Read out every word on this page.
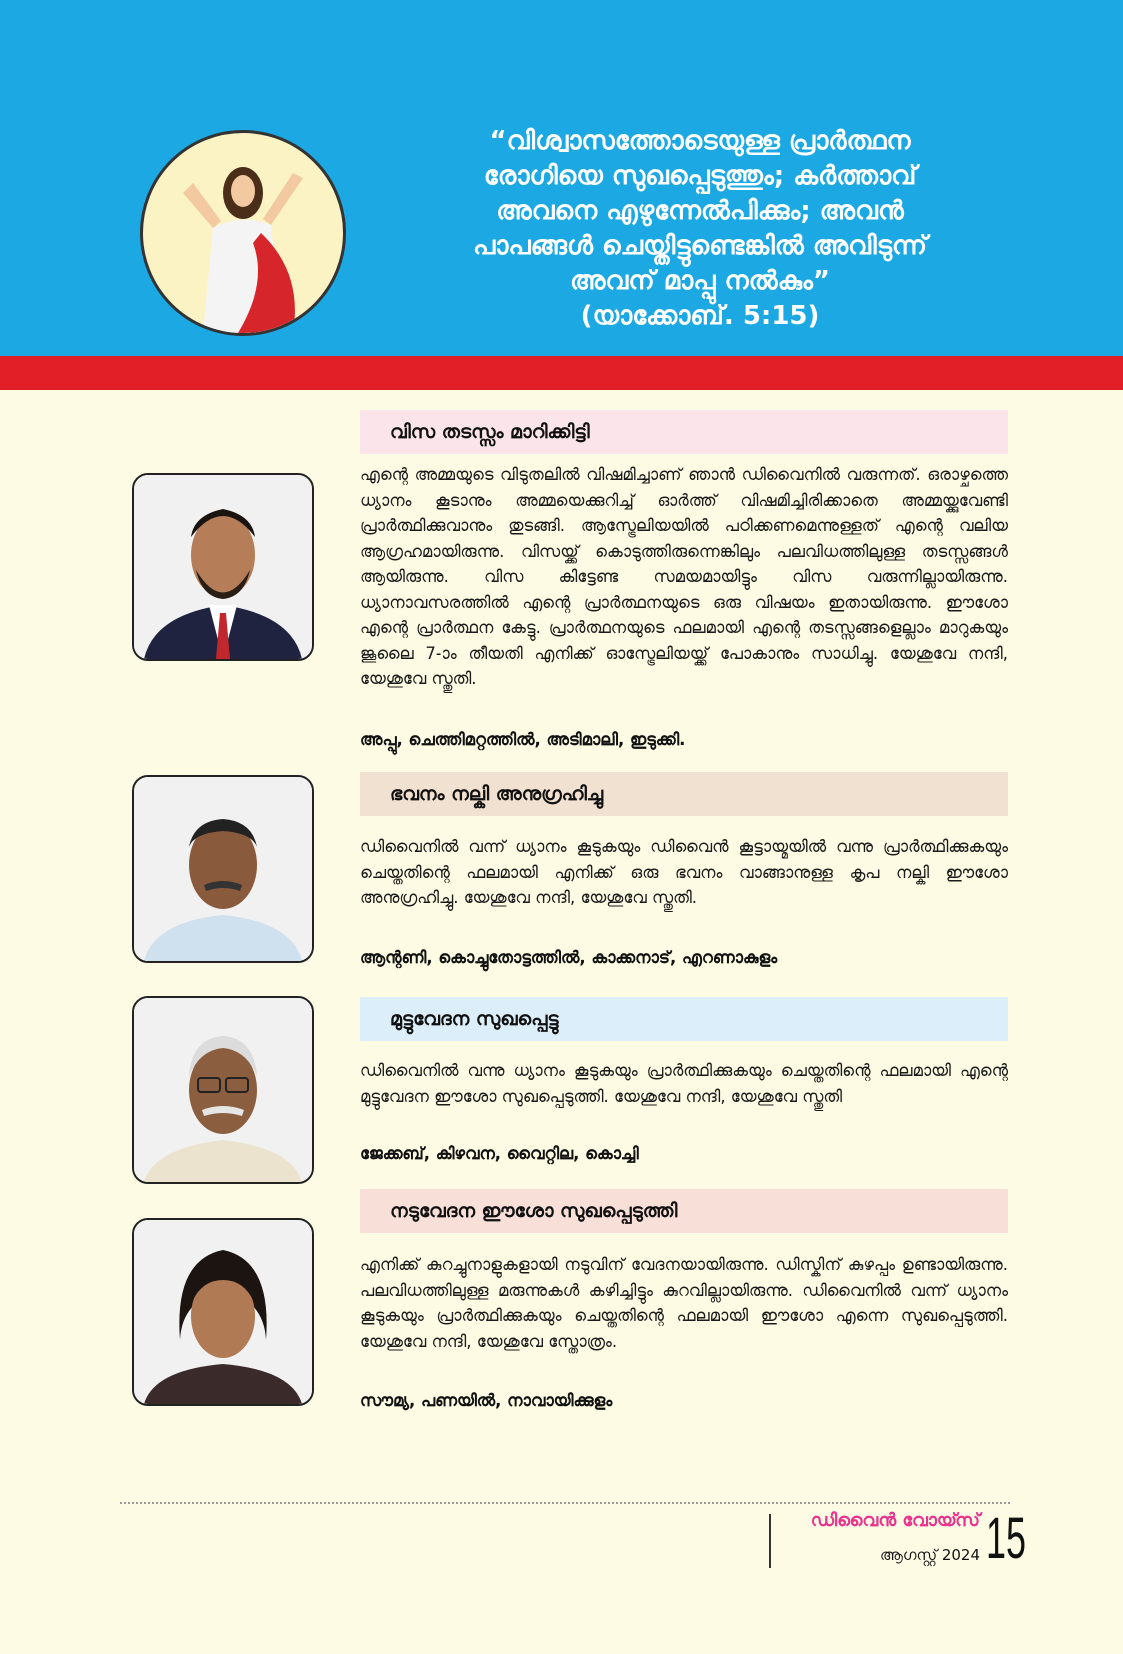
“വിശ്വാസത്തോടെയുള്ള പ്രാർത്ഥന
രോഗിയെ സുഖപ്പെടുത്തും; കർത്താവ്
അവനെ എഴുന്നേൽപിക്കും; അവൻ
പാപങ്ങൾ ചെയ്തിട്ടുണ്ടെങ്കിൽ അവിടുന്ന്
അവന് മാപ്പു നൽകും”
(യാക്കോബ്. 5:15)
വിസ തടസ്സം മാറിക്കിട്ടി
എന്റെ അമ്മയുടെ വിടുതലിൽ വിഷമിച്ചാണ് ഞാൻ ഡിവൈനിൽ വരുന്നത്. ഒരാഴ്ചത്തെ ധ്യാനം കൂടാനും അമ്മയെക്കുറിച്ച് ഓർത്ത് വിഷമിച്ചിരിക്കാതെ അമ്മയ്ക്കുവേണ്ടി പ്രാർത്ഥിക്കുവാനും തുടങ്ങി. ആസ്ട്രേലിയയിൽ പഠിക്കണമെന്നുള്ളത് എന്റെ വലിയ ആഗ്രഹമായിരുന്നു. വിസയ്ക്ക് കൊടുത്തിരുന്നെങ്കിലും പലവിധത്തിലുള്ള തടസ്സങ്ങൾ ആയിരുന്നു. വിസ കിട്ടേണ്ട സമയമായിട്ടും വിസ വരുന്നില്ലായിരുന്നു. ധ്യാനാവസരത്തിൽ എന്റെ പ്രാർത്ഥനയുടെ ഒരു വിഷയം ഇതായിരുന്നു. ഈശോ എന്റെ പ്രാർത്ഥന കേട്ടു. പ്രാർത്ഥനയുടെ ഫലമായി എന്റെ തടസ്സങ്ങളെല്ലാം മാറുകയും ജൂലൈ 7-ാം തീയതി എനിക്ക് ഓസ്ട്രേലിയയ്ക്ക് പോകാനും സാധിച്ചു. യേശുവേ നന്ദി, യേശുവേ സ്തുതി.
അപ്പു, ചെത്തിമറ്റത്തിൽ, അടിമാലി, ഇടുക്കി.
ഭവനം നല്കി അനുഗ്രഹിച്ചു
ഡിവൈനിൽ വന്ന് ധ്യാനം കൂടുകയും ഡിവൈൻ കൂട്ടായ്മയിൽ വന്നു പ്രാർത്ഥിക്കുകയും ചെയ്തതിന്റെ ഫലമായി എനിക്ക് ഒരു ഭവനം വാങ്ങാനുള്ള കൃപ നല്കി ഈശോ അനുഗ്രഹിച്ചു. യേശുവേ നന്ദി, യേശുവേ സ്തുതി.
ആന്റണി, കൊച്ചുതോട്ടത്തിൽ, കാക്കനാട്, എറണാകുളം
മുട്ടുവേദന സുഖപ്പെട്ടു
ഡിവൈനിൽ വന്നു ധ്യാനം കൂടുകയും പ്രാർത്ഥിക്കുകയും ചെയ്തതിന്റെ ഫലമായി എന്റെ മുട്ടുവേദന ഈശോ സുഖപ്പെടുത്തി. യേശുവേ നന്ദി, യേശുവേ സ്തുതി
ജേക്കബ്, കിഴവന, വൈറ്റില, കൊച്ചി
നടുവേദന ഈശോ സുഖപ്പെടുത്തി
എനിക്ക് കുറച്ചുനാളുകളായി നടുവിന് വേദനയായിരുന്നു. ഡിസ്കിന് കുഴപ്പം ഉണ്ടായിരുന്നു. പലവിധത്തിലുള്ള മരുന്നുകൾ കഴിച്ചിട്ടും കുറവില്ലായിരുന്നു. ഡിവൈനിൽ വന്ന് ധ്യാനം കൂടുകയും പ്രാർത്ഥിക്കുകയും ചെയ്തതിന്റെ ഫലമായി ഈശോ എന്നെ സുഖപ്പെടുത്തി. യേശുവേ നന്ദി, യേശുവേ സ്തോത്രം.
സൗമ്യ, പണയിൽ, നാവായിക്കുളം
ഡിവൈൻ വോയ്സ്
ആഗസ്റ്റ് 2024 15
